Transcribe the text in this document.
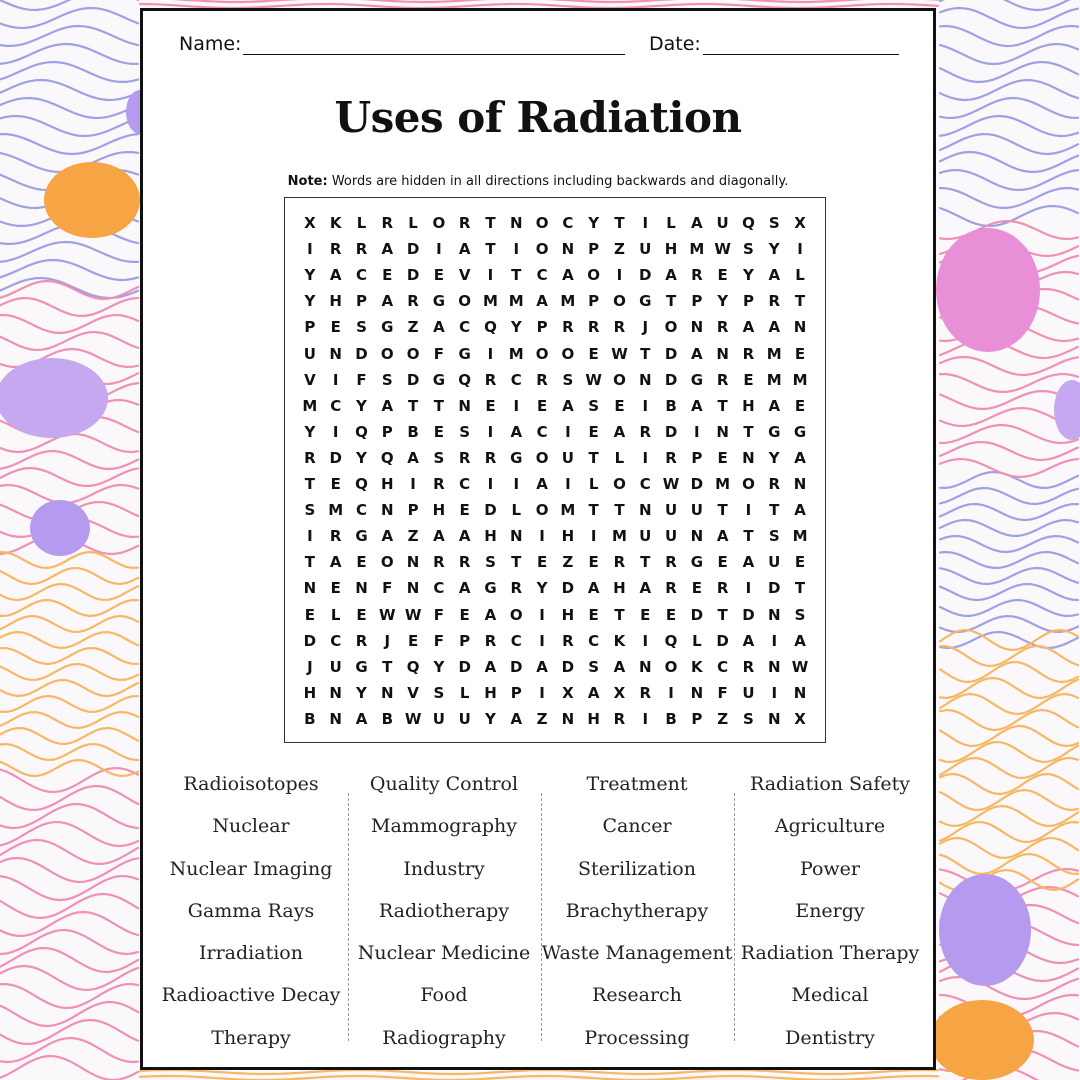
Name:	Date:
Uses of Radiation
Note: Words are hidden in all directions including backwards and diagonally.
X K	L	R	L O R T N O C Y	T	I	L	A U Q S X
I	R R A D	I	A T	I	O N P Z U H M W S Y	I
Y A C	E D E V	I	T	C A O	I	D A R E	Y A	L
Y H P A R G O M M A M P O G T	P Y P R T
P	E	S G Z A C Q Y P R R R	J	O N R A A N
U N D O O F G	I	M O O E W T D A N R M E
V	I	F	S D G Q R C R S W O N D G R E M M
M C Y A T	T N E	I	E A S	E	I	B A T H A E
Y	I	Q P B E	S	I	A C	I	E A R D	I	N T G G
R D Y Q A S R R G O U T	L	I	R P	E N Y A
T	E Q H	I	R C	I	I	A	I	L O C W D M O R N
S M C N P H E D L O M T	T N U U T	I	T A
I	R G A Z A A H N	I	H	I	M U U N A T	S M
T A E O N R R S	T	E	Z	E R T R G E A U E
N E N F N C A G R Y D A H A R E R	I	D T
E	L	E W W F	E A O	I	H E	T	E	E D T D N S
D C R	J	E	F	P R C	I	R C K	I	Q L D A	I	A
J	U G T Q Y D A D A D S A N O K C R N W
H N Y N V S	L H P	I	X A X R	I	N F U	I	N
B N A B W U U Y A Z N H R	I	B P Z S N X
Radioisotopes
Nuclear
Nuclear Imaging
Gamma Rays
Irradiation
Radioactive Decay
Therapy
Quality Control
Mammography
Industry
Radiotherapy
Nuclear Medicine
Food
Radiography
Treatment
Cancer
Sterilization
Brachytherapy
Waste Management
Research
Processing
Radiation Safety
Agriculture
Power
Energy
Radiation Therapy
Medical
Dentistry
